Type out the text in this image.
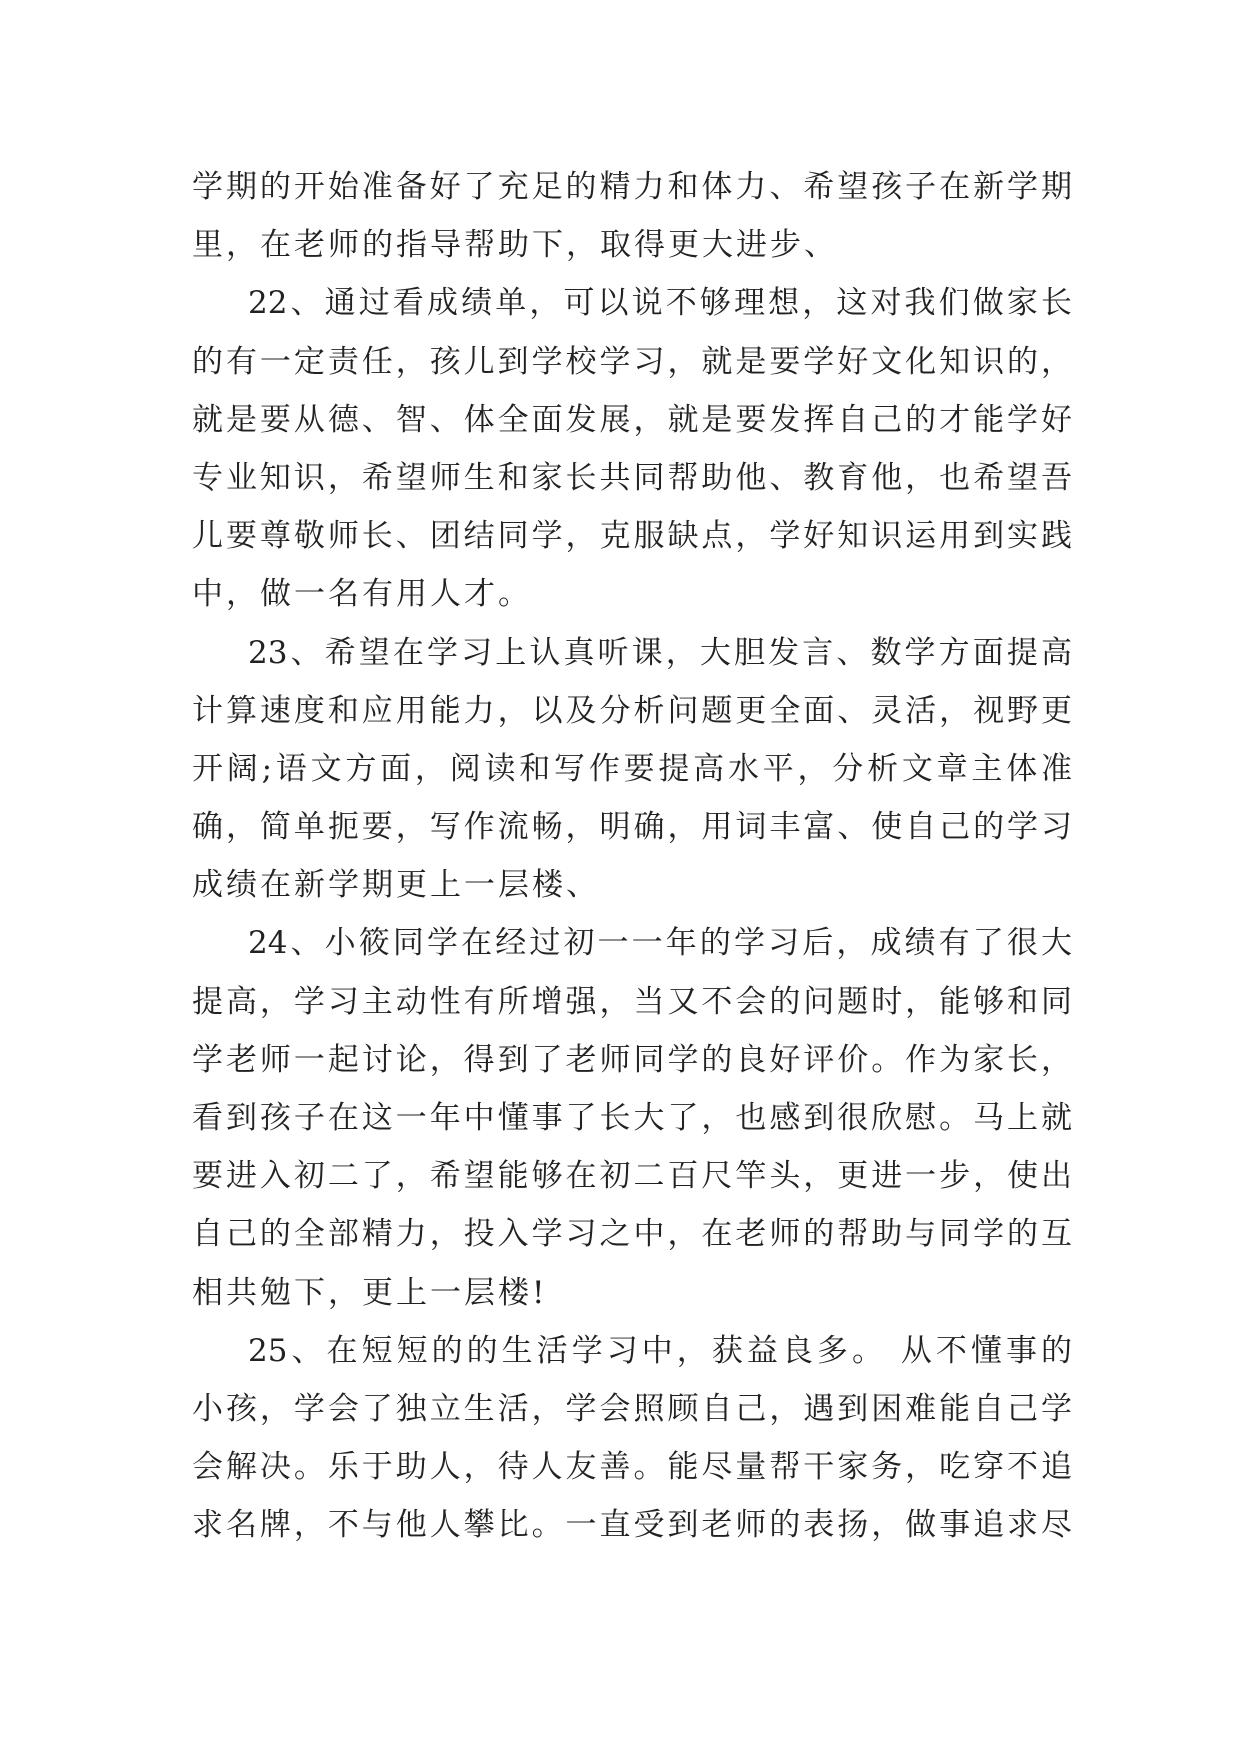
学期的开始准备好了充足的精力和体力、希望孩子在新学期
里，在老师的指导帮助下，取得更大进步、
22、通过看成绩单，可以说不够理想，这对我们做家长
的有一定责任，孩儿到学校学习，就是要学好文化知识的，
就是要从德、智、体全面发展，就是要发挥自己的才能学好
专业知识，希望师生和家长共同帮助他、教育他，也希望吾
儿要尊敬师长、团结同学，克服缺点，学好知识运用到实践
中，做一名有用人才。
23、希望在学习上认真听课，大胆发言、数学方面提高
计算速度和应用能力，以及分析问题更全面、灵活，视野更
开阔;语文方面，阅读和写作要提高水平，分析文章主体准
确，简单扼要，写作流畅，明确，用词丰富、使自己的学习
成绩在新学期更上一层楼、
24、小筱同学在经过初一一年的学习后，成绩有了很大
提高，学习主动性有所增强，当又不会的问题时，能够和同
学老师一起讨论，得到了老师同学的良好评价。作为家长，
看到孩子在这一年中懂事了长大了，也感到很欣慰。马上就
要进入初二了，希望能够在初二百尺竿头，更进一步，使出
自己的全部精力，投入学习之中，在老师的帮助与同学的互
相共勉下，更上一层楼!
25、在短短的的生活学习中，获益良多。 从不懂事的
小孩，学会了独立生活，学会照顾自己，遇到困难能自己学
会解决。乐于助人，待人友善。能尽量帮干家务，吃穿不追
求名牌，不与他人攀比。一直受到老师的表扬，做事追求尽
